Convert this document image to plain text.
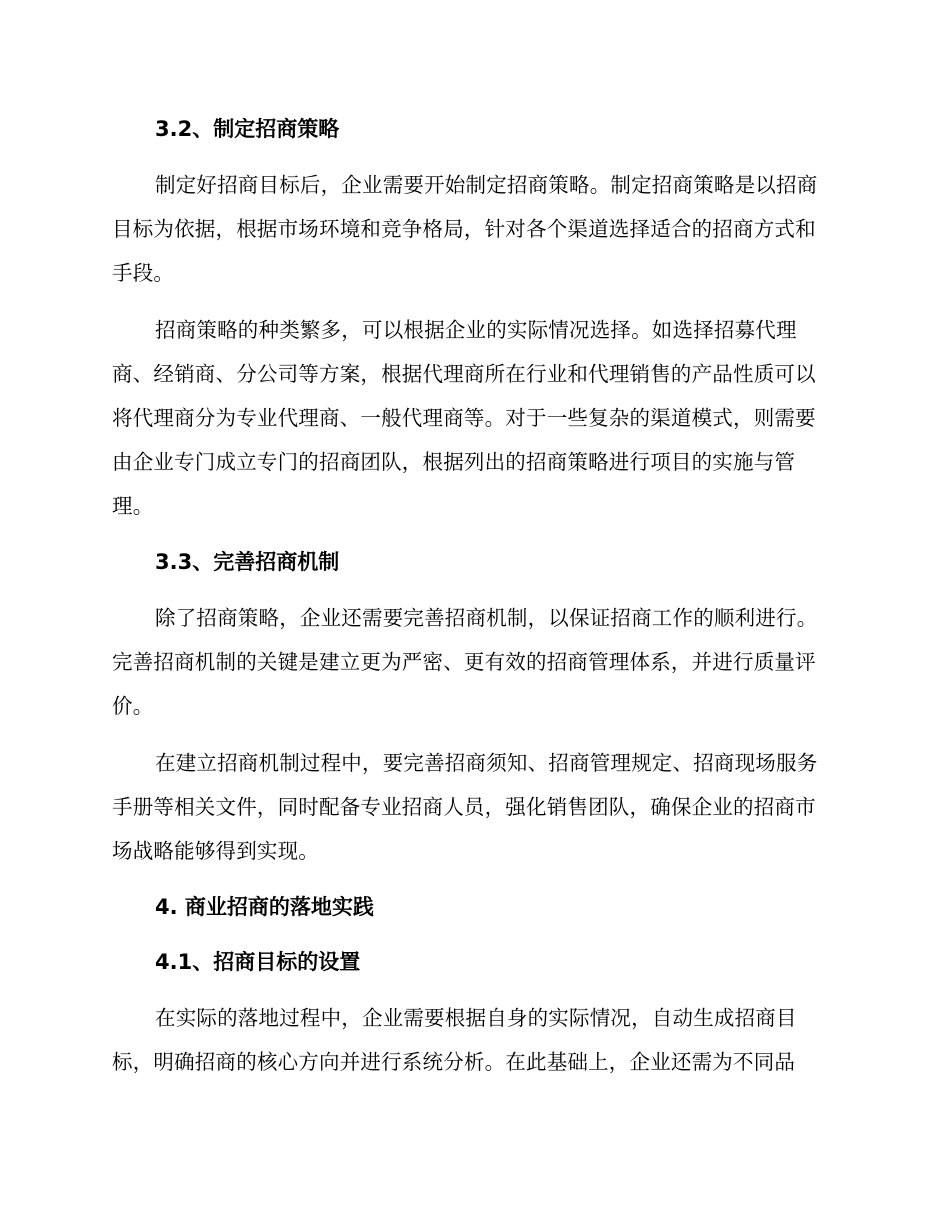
3.2、制定招商策略
制定好招商目标后，企业需要开始制定招商策略。制定招商策略是以招商目标为依据，根据市场环境和竞争格局，针对各个渠道选择适合的招商方式和手段。
招商策略的种类繁多，可以根据企业的实际情况选择。如选择招募代理商、经销商、分公司等方案，根据代理商所在行业和代理销售的产品性质可以将代理商分为专业代理商、一般代理商等。对于一些复杂的渠道模式，则需要由企业专门成立专门的招商团队，根据列出的招商策略进行项目的实施与管理。
3.3、完善招商机制
除了招商策略，企业还需要完善招商机制，以保证招商工作的顺利进行。完善招商机制的关键是建立更为严密、更有效的招商管理体系，并进行质量评价。
在建立招商机制过程中，要完善招商须知、招商管理规定、招商现场服务手册等相关文件，同时配备专业招商人员，强化销售团队，确保企业的招商市场战略能够得到实现。
4. 商业招商的落地实践
4.1、招商目标的设置
在实际的落地过程中，企业需要根据自身的实际情况，自动生成招商目标，明确招商的核心方向并进行系统分析。在此基础上，企业还需为不同品
